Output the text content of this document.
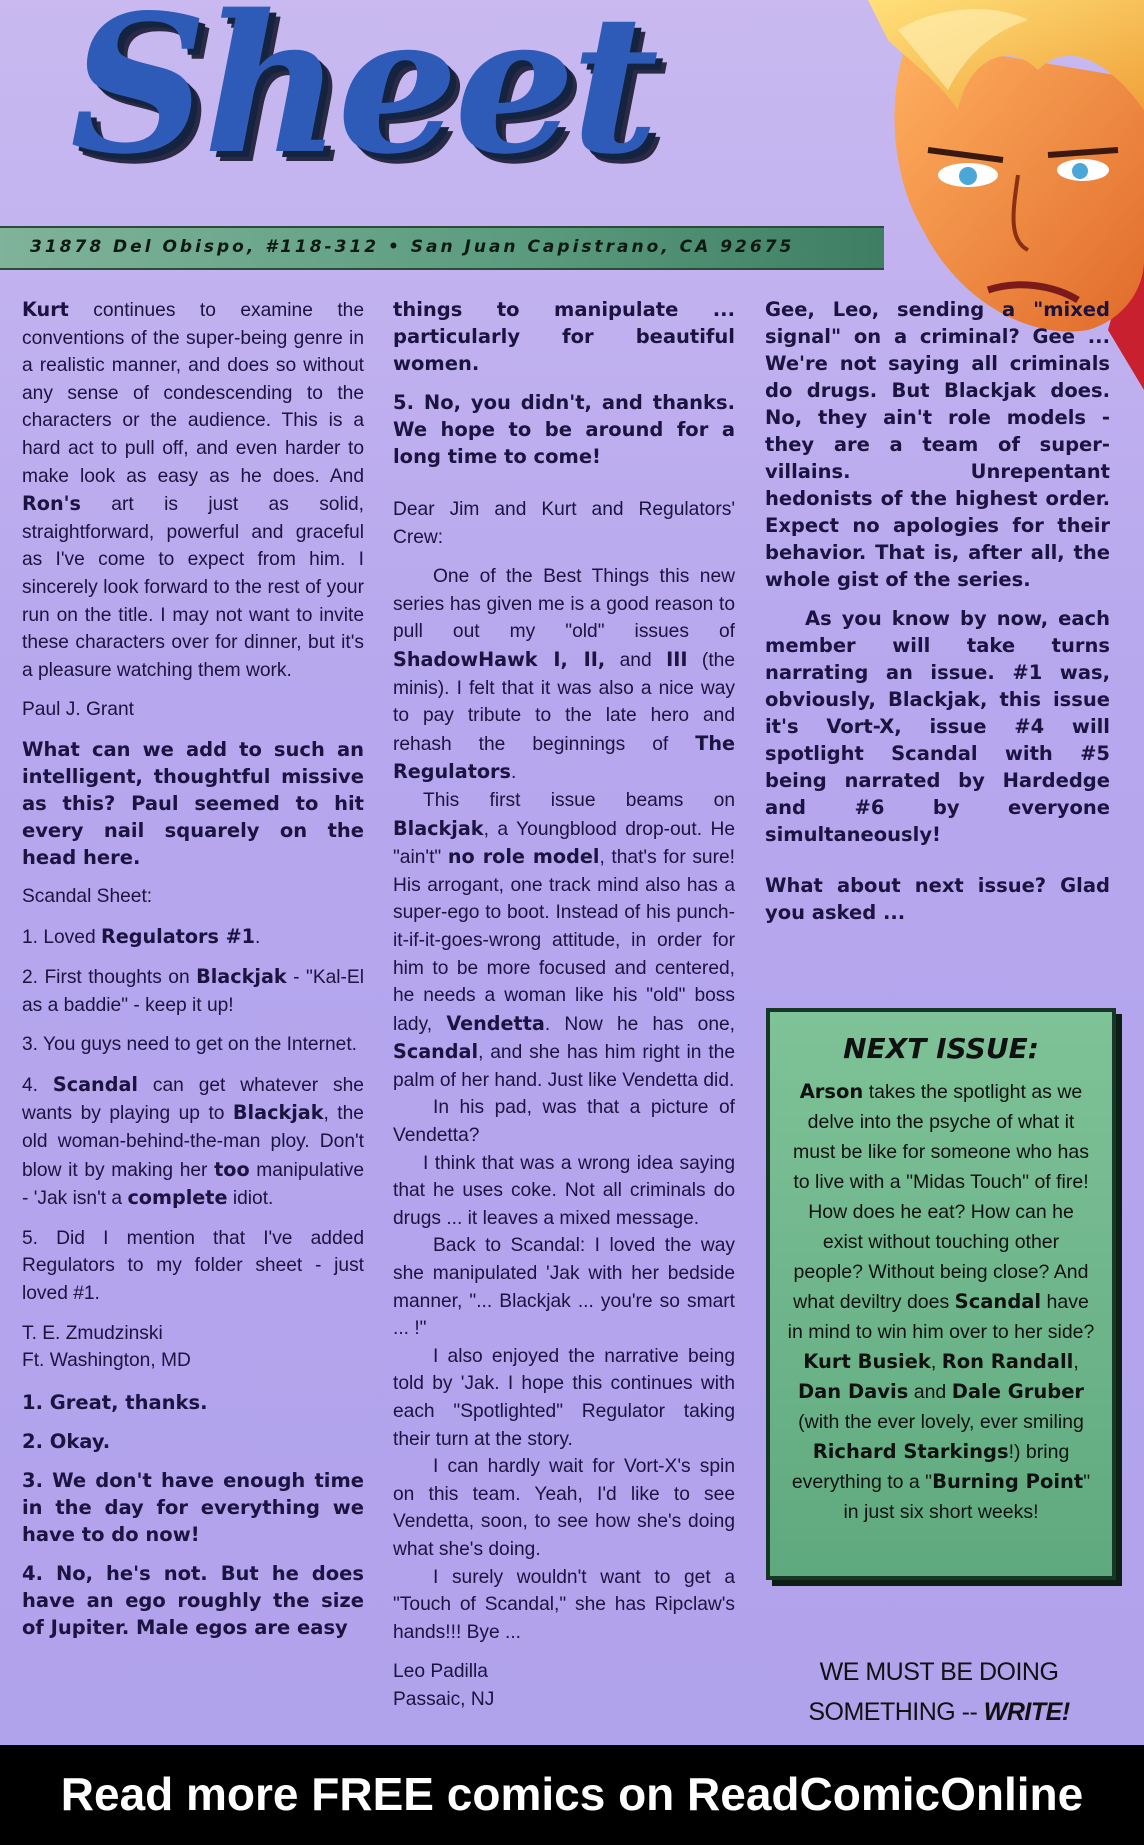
Sheet
31878 Del Obispo, #118-312 • San Juan Capistrano, CA 92675

Kurt continues to examine the conventions of the super-being genre in a realistic manner, and does so without any sense of condescending to the characters or the audience. This is a hard act to pull off, and even harder to make look as easy as he does. And Ron's art is just as solid, straightforward, powerful and graceful as I've come to expect from him. I sincerely look forward to the rest of your run on the title. I may not want to invite these characters over for dinner, but it's a pleasure watching them work.

Paul J. Grant

What can we add to such an intelligent, thoughtful missive as this? Paul seemed to hit every nail squarely on the head here.

Scandal Sheet:

1. Loved Regulators #1.

2. First thoughts on Blackjak - "Kal-El as a baddie" - keep it up!

3. You guys need to get on the Internet.

4. Scandal can get whatever she wants by playing up to Blackjak, the old woman-behind-the-man ploy. Don't blow it by making her too manipulative - 'Jak isn't a complete idiot.

5. Did I mention that I've added Regulators to my folder sheet - just loved #1.

T. E. Zmudzinski
Ft. Washington, MD

1. Great, thanks.

2. Okay.

3. We don't have enough time in the day for everything we have to do now!

4. No, he's not. But he does have an ego roughly the size of Jupiter. Male egos are easy

things to manipulate ... particularly for beautiful women.

5. No, you didn't, and thanks. We hope to be around for a long time to come!

Dear Jim and Kurt and Regulators' Crew:

One of the Best Things this new series has given me is a good reason to pull out my "old" issues of ShadowHawk I, II, and III (the minis). I felt that it was also a nice way to pay tribute to the late hero and rehash the beginnings of The Regulators.

This first issue beams on Blackjak, a Youngblood drop-out. He "ain't" no role model, that's for sure! His arrogant, one track mind also has a super-ego to boot. Instead of his punch-it-if-it-goes-wrong attitude, in order for him to be more focused and centered, he needs a woman like his "old" boss lady, Vendetta. Now he has one, Scandal, and she has him right in the palm of her hand. Just like Vendetta did.

In his pad, was that a picture of Vendetta?

I think that was a wrong idea saying that he uses coke. Not all criminals do drugs ... it leaves a mixed message.

Back to Scandal: I loved the way she manipulated 'Jak with her bedside manner, "... Blackjak ... you're so smart ... !"

I also enjoyed the narrative being told by 'Jak. I hope this continues with each "Spotlighted" Regulator taking their turn at the story.

I can hardly wait for Vort-X's spin on this team. Yeah, I'd like to see Vendetta, soon, to see how she's doing what she's doing.

I surely wouldn't want to get a "Touch of Scandal," she has Ripclaw's hands!!! Bye ...

Leo Padilla
Passaic, NJ

Gee, Leo, sending a "mixed signal" on a criminal? Gee ... We're not saying all criminals do drugs. But Blackjak does. No, they ain't role models - they are a team of super-villains. Unrepentant hedonists of the highest order. Expect no apologies for their behavior. That is, after all, the whole gist of the series.

As you know by now, each member will take turns narrating an issue. #1 was, obviously, Blackjak, this issue it's Vort-X, issue #4 will spotlight Scandal with #5 being narrated by Hardedge and #6 by everyone simultaneously!

What about next issue? Glad you asked ...

NEXT ISSUE:
Arson takes the spotlight as we delve into the psyche of what it must be like for someone who has to live with a "Midas Touch" of fire! How does he eat? How can he exist without touching other people? Without being close? And what deviltry does Scandal have in mind to win him over to her side? Kurt Busiek, Ron Randall, Dan Davis and Dale Gruber (with the ever lovely, ever smiling Richard Starkings!) bring everything to a "Burning Point" in just six short weeks!
WE MUST BE DOING
SOMETHING -- WRITE!
Read more FREE comics on ReadComicOnline
